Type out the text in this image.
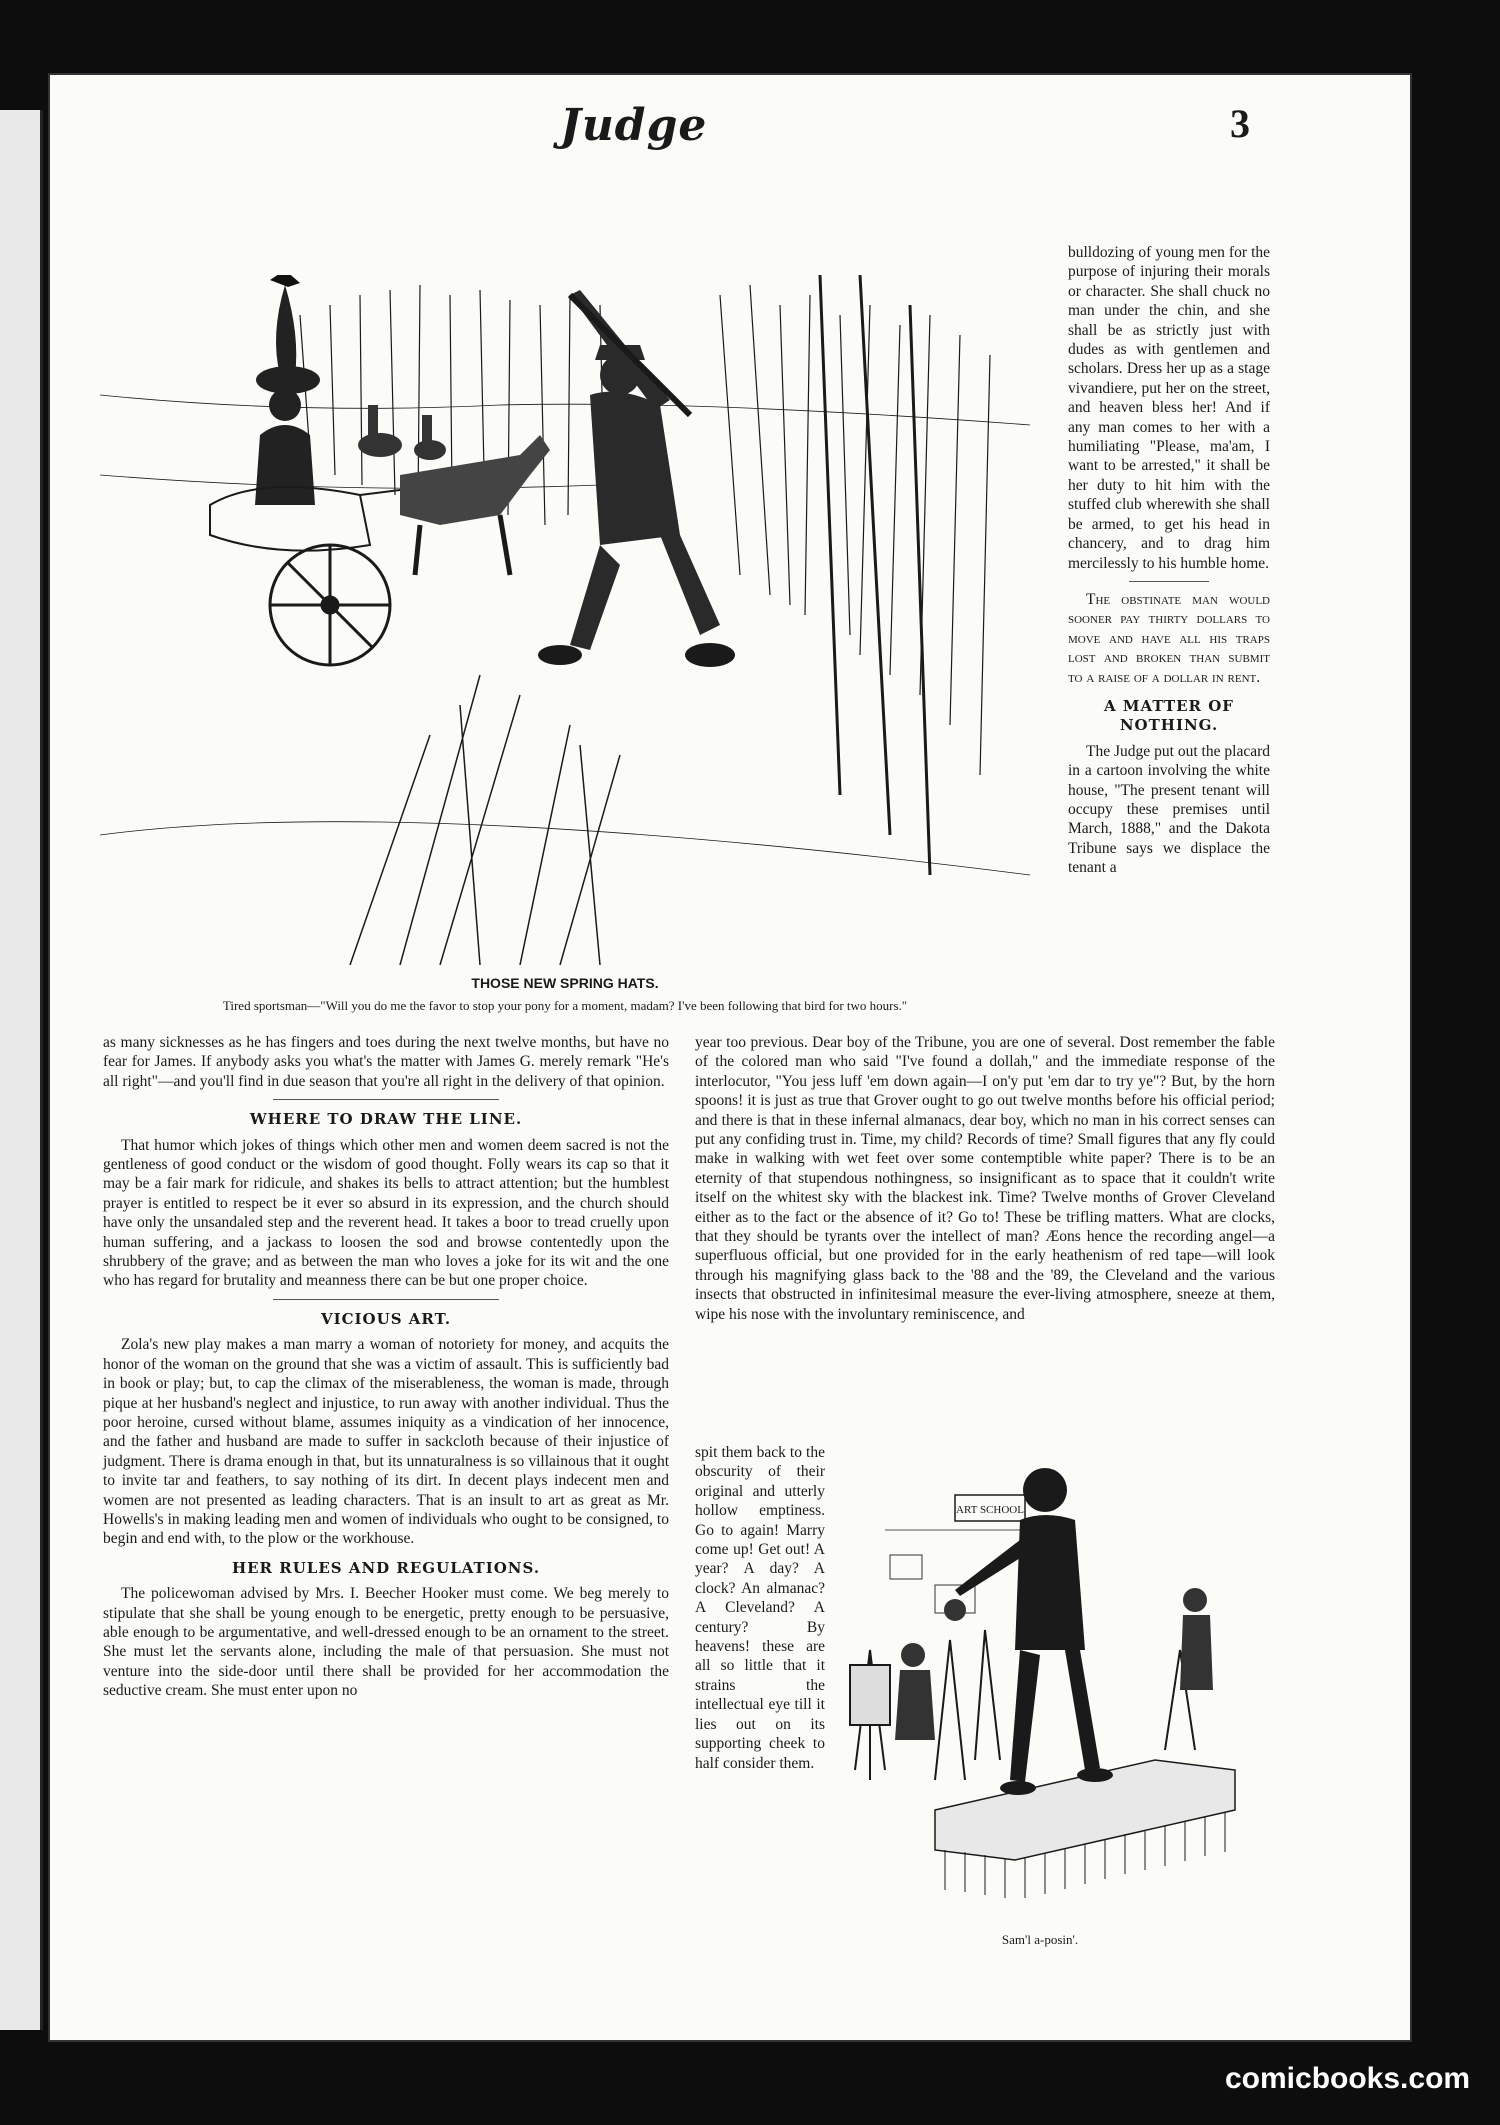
Judge	3
THOSE NEW SPRING HATS.
Tired sportsman—"Will you do me the favor to stop your pony for a moment, madam? I've been following that bird for two hours."

bulldozing of young men for the purpose of injuring their morals or character. She shall chuck no man under the chin, and she shall be as strictly just with dudes as with gentlemen and scholars. Dress her up as a stage vivandiere, put her on the street, and heaven bless her! And if any man comes to her with a humiliating "Please, ma'am, I want to be arrested," it shall be her duty to hit him with the stuffed club wherewith she shall be armed, to get his head in chancery, and to drag him mercilessly to his humble home.

The obstinate man would sooner pay thirty dollars to move and have all his traps lost and broken than submit to a raise of a dollar in rent.

A MATTER OF NOTHING.

The Judge put out the placard in a cartoon involving the white house, "The present tenant will occupy these premises until March, 1888," and the Dakota Tribune says we displace the tenant a

as many sicknesses as he has fingers and toes during the next twelve months, but have no fear for James. If anybody asks you what's the matter with James G. merely remark "He's all right"—and you'll find in due season that you're all right in the delivery of that opinion.

WHERE TO DRAW THE LINE.

That humor which jokes of things which other men and women deem sacred is not the gentleness of good conduct or the wisdom of good thought. Folly wears its cap so that it may be a fair mark for ridicule, and shakes its bells to attract attention; but the humblest prayer is entitled to respect be it ever so absurd in its expression, and the church should have only the unsandaled step and the reverent head. It takes a boor to tread cruelly upon human suffering, and a jackass to loosen the sod and browse contentedly upon the shrubbery of the grave; and as between the man who loves a joke for its wit and the one who has regard for brutality and meanness there can be but one proper choice.

VICIOUS ART.

Zola's new play makes a man marry a woman of notoriety for money, and acquits the honor of the woman on the ground that she was a victim of assault. This is sufficiently bad in book or play; but, to cap the climax of the miserableness, the woman is made, through pique at her husband's neglect and injustice, to run away with another individual. Thus the poor heroine, cursed without blame, assumes iniquity as a vindication of her innocence, and the father and husband are made to suffer in sackcloth because of their injustice of judgment. There is drama enough in that, but its unnaturalness is so villainous that it ought to invite tar and feathers, to say nothing of its dirt. In decent plays indecent men and women are not presented as leading characters. That is an insult to art as great as Mr. Howells's in making leading men and women of individuals who ought to be consigned, to begin and end with, to the plow or the workhouse.

HER RULES AND REGULATIONS.

The policewoman advised by Mrs. I. Beecher Hooker must come. We beg merely to stipulate that she shall be young enough to be energetic, pretty enough to be persuasive, able enough to be argumentative, and well-dressed enough to be an ornament to the street. She must let the servants alone, including the male of that persuasion. She must not venture into the side-door until there shall be provided for her accommodation the seductive cream. She must enter upon no

year too previous. Dear boy of the Tribune, you are one of several. Dost remember the fable of the colored man who said "I've found a dollah," and the immediate response of the interlocutor, "You jess luff 'em down again—I on'y put 'em dar to try ye"? But, by the horn spoons! it is just as true that Grover ought to go out twelve months before his official period; and there is that in these infernal almanacs, dear boy, which no man in his correct senses can put any confiding trust in. Time, my child? Records of time? Small figures that any fly could make in walking with wet feet over some contemptible white paper? There is to be an eternity of that stupendous nothingness, so insignificant as to space that it couldn't write itself on the whitest sky with the blackest ink. Time? Twelve months of Grover Cleveland either as to the fact or the absence of it? Go to! These be trifling matters. What are clocks, that they should be tyrants over the intellect of man? Æons hence the recording angel—a superfluous official, but one provided for in the early heathenism of red tape—will look through his magnifying glass back to the '88 and the '89, the Cleveland and the various insects that obstructed in infinitesimal measure the ever-living atmosphere, sneeze at them, wipe his nose with the involuntary reminiscence, and

spit them back to the obscurity of their original and utterly hollow emptiness. Go to again! Marry come up! Get out! A year? A day? A clock? An almanac? A Cleveland? A century? By heavens! these are all so little that it strains the intellectual eye till it lies out on its supporting cheek to half consider them.

ART SCHOOL
Sam'l a-posin'.
comicbooks.com
